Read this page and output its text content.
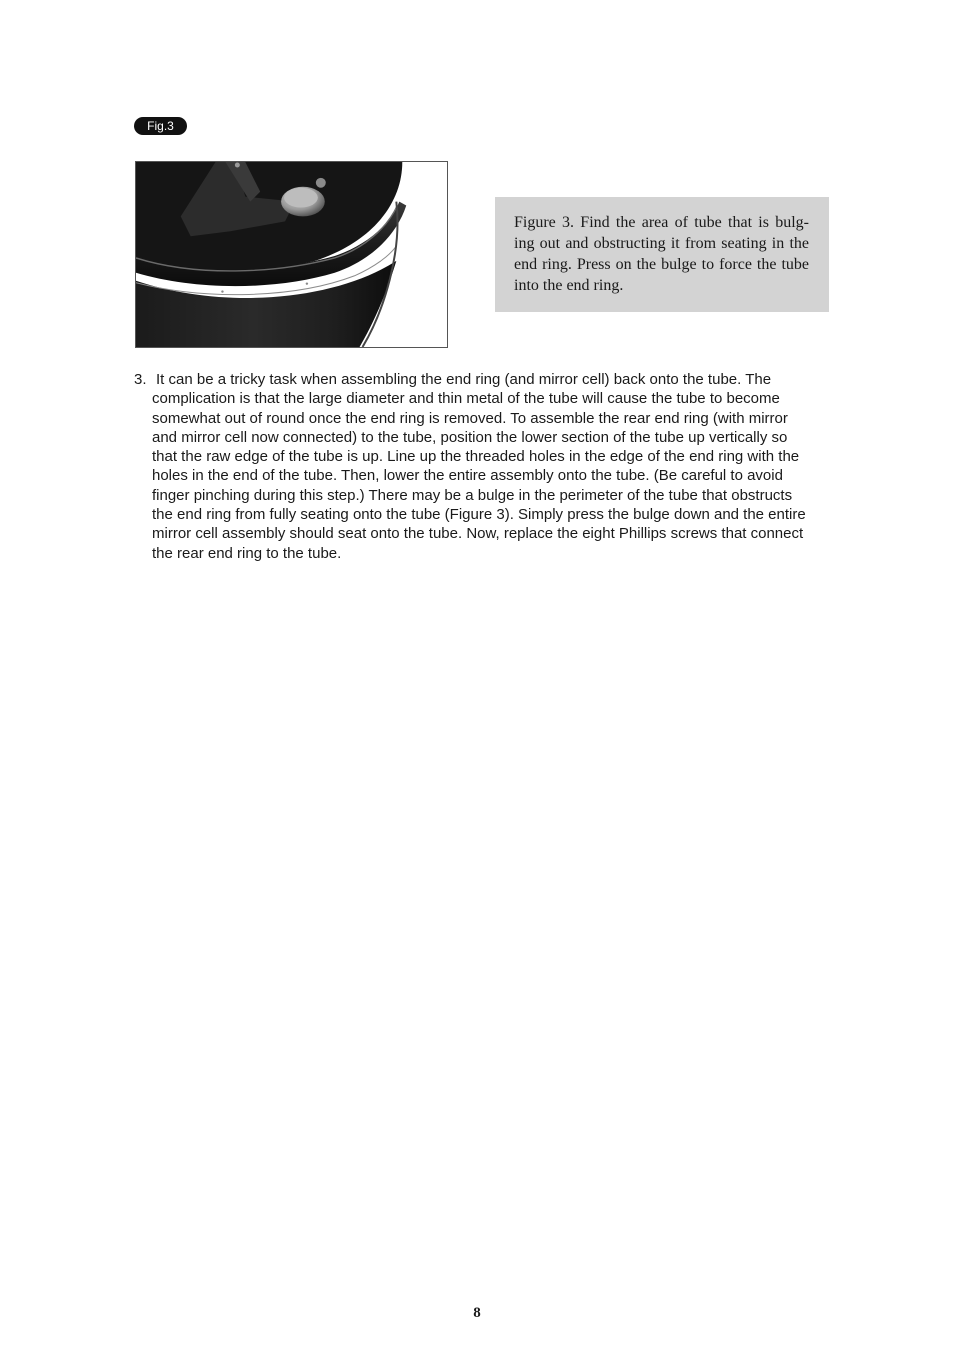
Fig.3

Figure 3. Find the area of tube that is bulg-ing out and obstructing it from seating in the end ring. Press on the bulge to force the tube into the end ring.

3. It can be a tricky task when assembling the end ring (and mirror cell) back onto the tube. The complication is that the large diameter and thin metal of the tube will cause the tube to become somewhat out of round once the end ring is removed. To assemble the rear end ring (with mirror and mirror cell now connected) to the tube, position the lower section of the tube up vertically so that the raw edge of the tube is up. Line up the threaded holes in the edge of the end ring with the holes in the end of the tube. Then, lower the entire assembly onto the tube. (Be careful to avoid finger pinching during this step.) There may be a bulge in the perimeter of the tube that obstructs the end ring from fully seating onto the tube (Figure 3). Simply press the bulge down and the entire mirror cell assembly should seat onto the tube. Now, replace the eight Phillips screws that connect the rear end ring to the tube.

8
